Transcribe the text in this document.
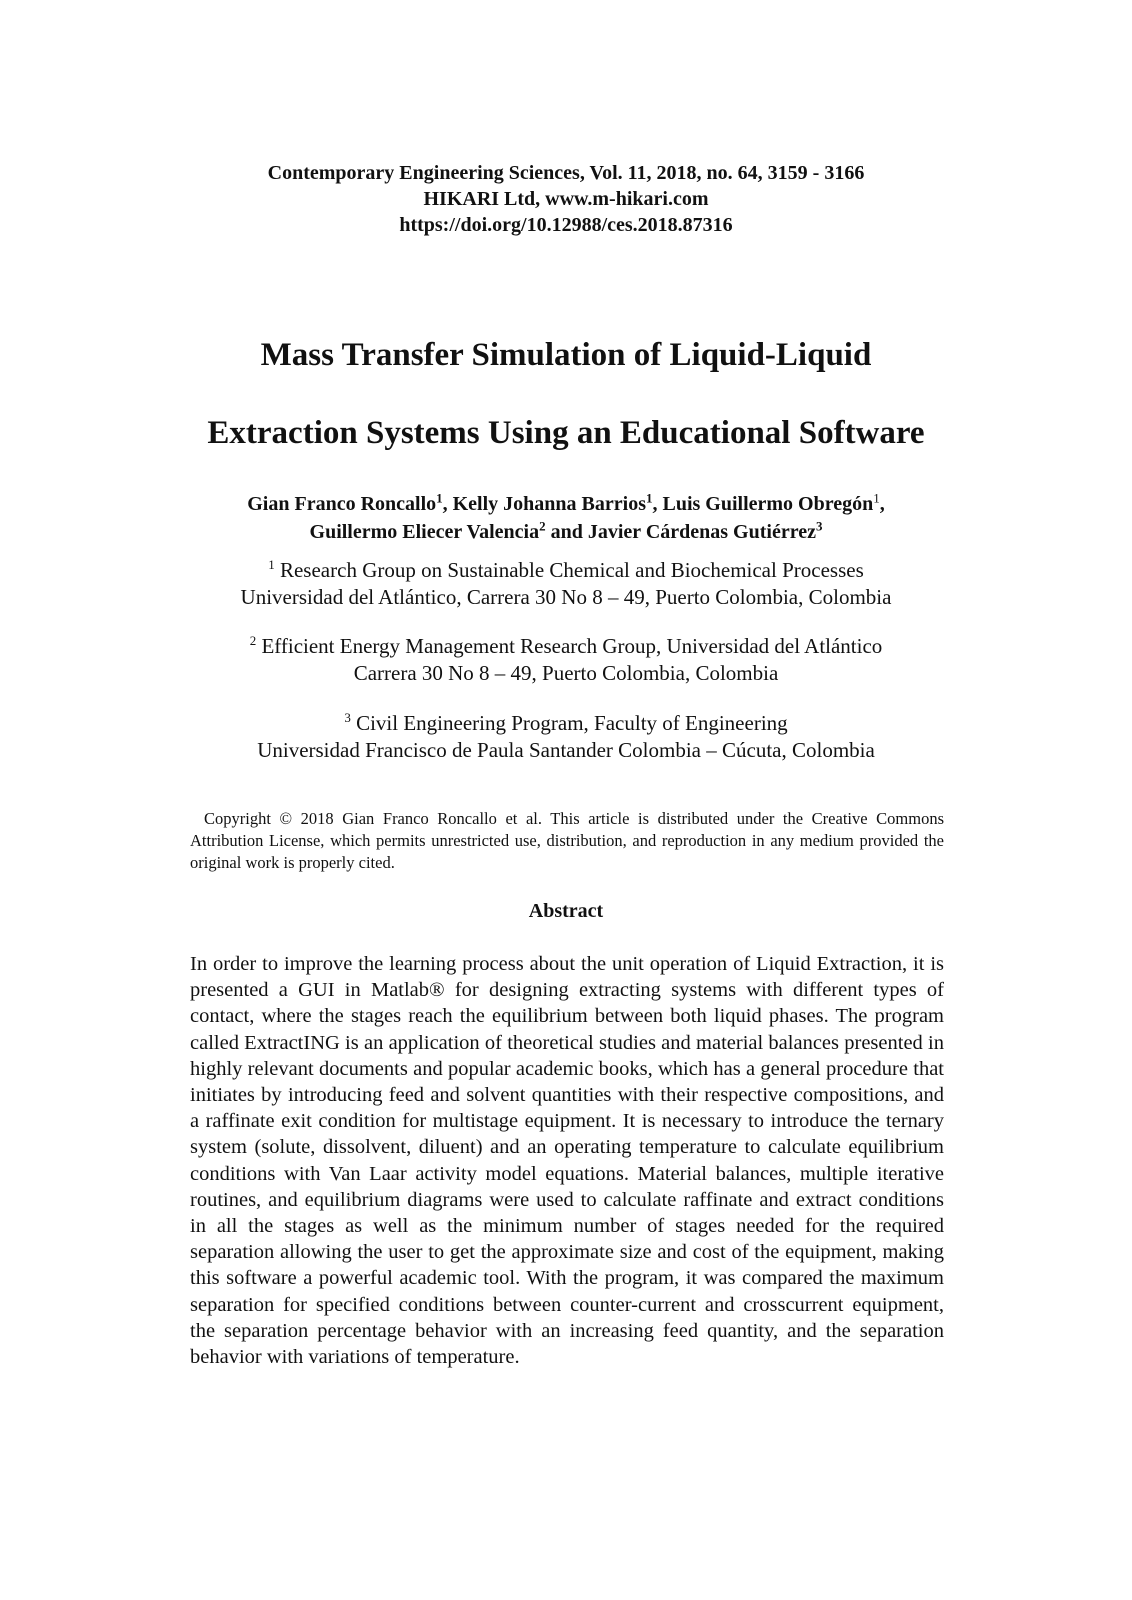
Contemporary Engineering Sciences, Vol. 11, 2018, no. 64, 3159 - 3166
HIKARI Ltd, www.m-hikari.com
https://doi.org/10.12988/ces.2018.87316
Mass Transfer Simulation of Liquid-Liquid
Extraction Systems Using an Educational Software
Gian Franco Roncallo$^1$, Kelly Johanna Barrios$^1$, Luis Guillermo Obregón$^1$,
Guillermo Eliecer Valencia$^2$ and Javier Cárdenas Gutiérrez$^3$
$^1$ Research Group on Sustainable Chemical and Biochemical Processes
Universidad del Atlántico, Carrera 30 No 8 – 49, Puerto Colombia, Colombia
$^2$ Efficient Energy Management Research Group, Universidad del Atlántico
Carrera 30 No 8 – 49, Puerto Colombia, Colombia
$^3$ Civil Engineering Program, Faculty of Engineering
Universidad Francisco de Paula Santander Colombia – Cúcuta, Colombia
Copyright © 2018 Gian Franco Roncallo et al. This article is distributed under the Creative Commons Attribution License, which permits unrestricted use, distribution, and reproduction in any medium provided the original work is properly cited.
Abstract
In order to improve the learning process about the unit operation of Liquid Extraction, it is presented a GUI in Matlab® for designing extracting systems with different types of contact, where the stages reach the equilibrium between both liquid phases. The program called ExtractING is an application of theoretical studies and material balances presented in highly relevant documents and popular academic books, which has a general procedure that initiates by introducing feed and solvent quantities with their respective compositions, and a raffinate exit condition for multistage equipment. It is necessary to introduce the ternary system (solute, dissolvent, diluent) and an operating temperature to calculate equilibrium conditions with Van Laar activity model equations. Material balances, multiple iterative routines, and equilibrium diagrams were used to calculate raffinate and extract conditions in all the stages as well as the minimum number of stages needed for the required separation allowing the user to get the approximate size and cost of the equipment, making this software a powerful academic tool. With the program, it was compared the maximum separation for specified conditions between counter-current and crosscurrent equipment, the separation percentage behavior with an increasing feed quantity, and the separation behavior with variations of temperature.
